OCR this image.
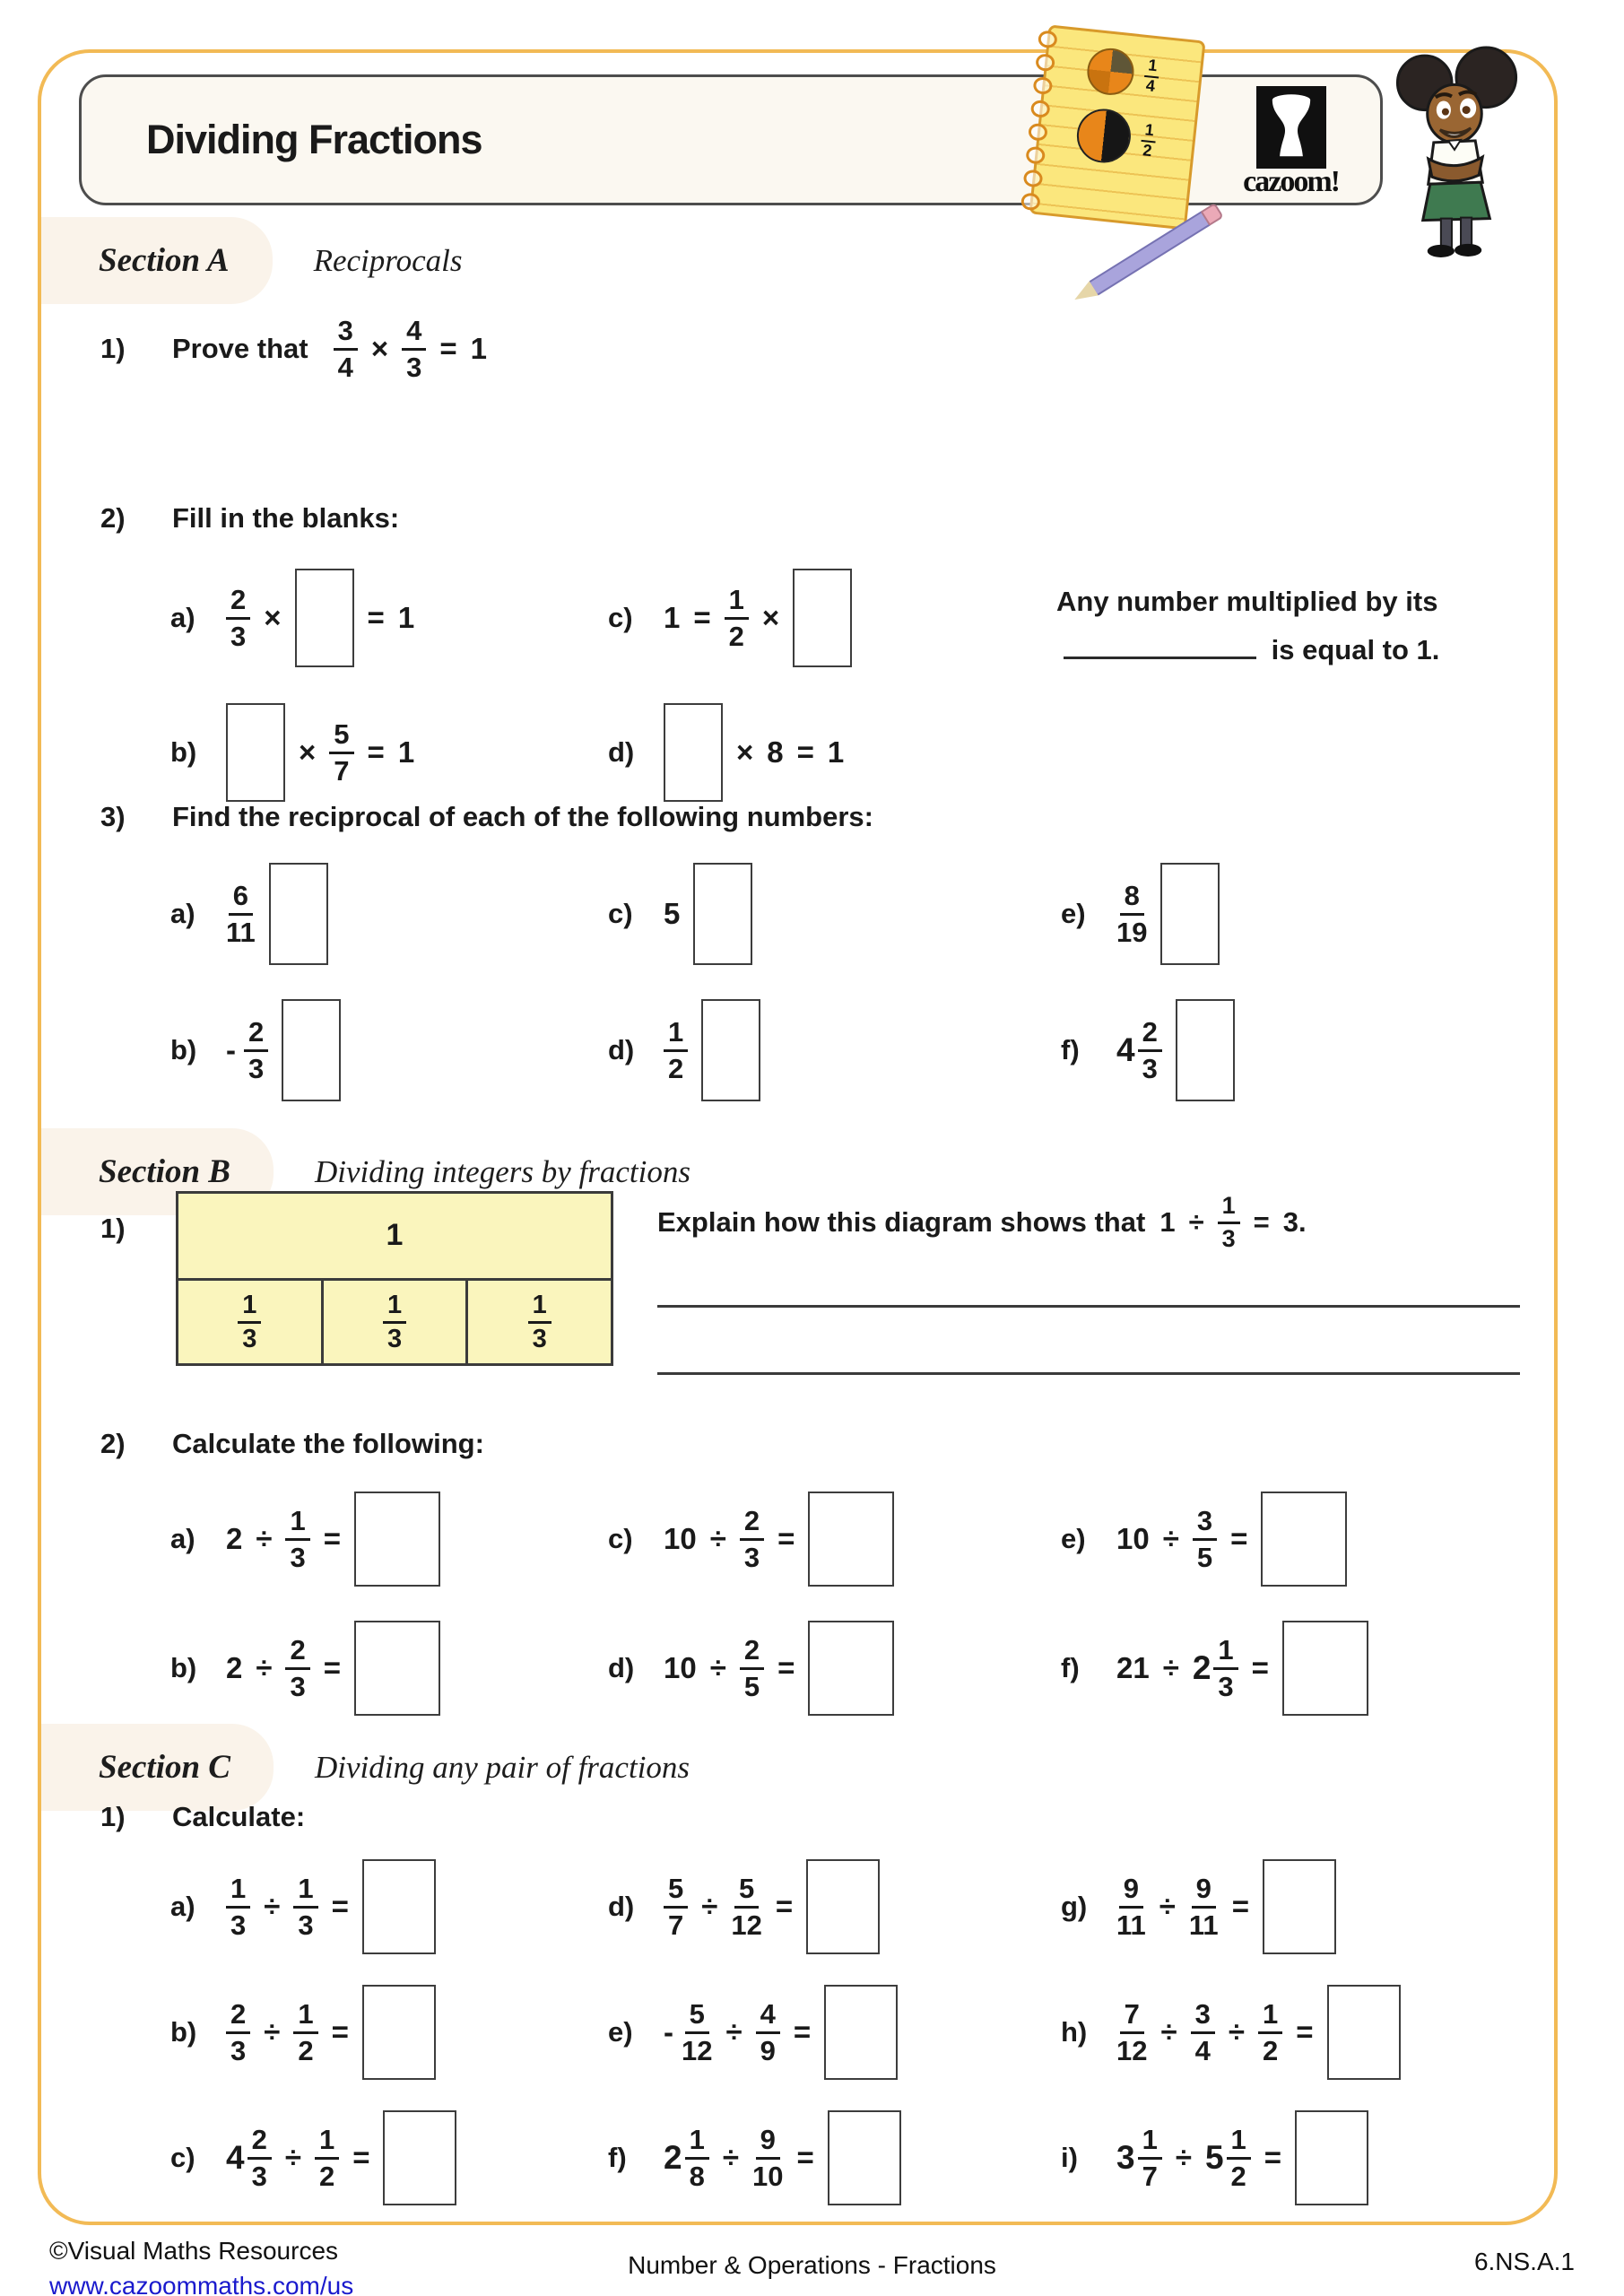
Dividing Fractions
cazoom!
$\frac{1}{4}$
$\frac{1}{2}$
Section A	Reciprocals
1)	Prove that $\frac{3}{4} \times \frac{4}{3} = 1$
2)	Fill in the blanks:
a)	$\frac{2}{3}$ ×	= 1
b)	× $\frac{5}{7} = 1$
c)	$1 = \frac{1}{2}$ ×
d)	× 8 = 1
Any number multiplied by its  is equal to 1.
3)	Find the reciprocal of each of the following numbers:
a)	$\frac{6}{11}$
$b) - \frac{2}{3}$
c)	5
d)	$\frac{1}{2}$
e)	$\frac{8}{19}$
f)	$4 \frac{2}{3}$
Section B	Dividing integers by fractions
1)	1
$\frac{1}{3}$	$\frac{1}{3}$	$\frac{1}{3}$
Explain how this diagram shows that $1 \div \frac{1}{3} = 3$.
2)	Calculate the following:
a)	$2 \div \frac{1}{3}$ =
b) $2 \div \frac{2}{3}$ =
c)	$10 \div \frac{2}{3}$ =
d) $10 \div \frac{2}{5}$ =
e)	$10 \div \frac{3}{5}$ =
f)	$21 \div 2 \frac{1}{3}$ =
Section C	Dividing any pair of fractions
1)	Calculate:
a)	$\frac{1}{3} \div \frac{1}{3}$ =
b)	$\frac{2}{3} \div \frac{1}{2}$ =
c) $4 \frac{2}{3} \div \frac{1}{2}$ =
d)	$\frac{5}{7} \div \frac{5}{12}$ =
e)	- $\frac{5}{12} \div \frac{4}{9}$ =
f)	$2 \frac{1}{8} \div \frac{9}{10}$ =
g)	$\frac{9}{11} \div \frac{9}{11}$ =
h)	$\frac{7}{12} \div \frac{3}{4} \div \frac{1}{2}$ =
i)	$3 \frac{1}{7} \div 5 \frac{1}{2}$ =
©Visual Maths Resources
www.cazoommaths.com/us
Number & Operations - Fractions	6.NS.A.1
